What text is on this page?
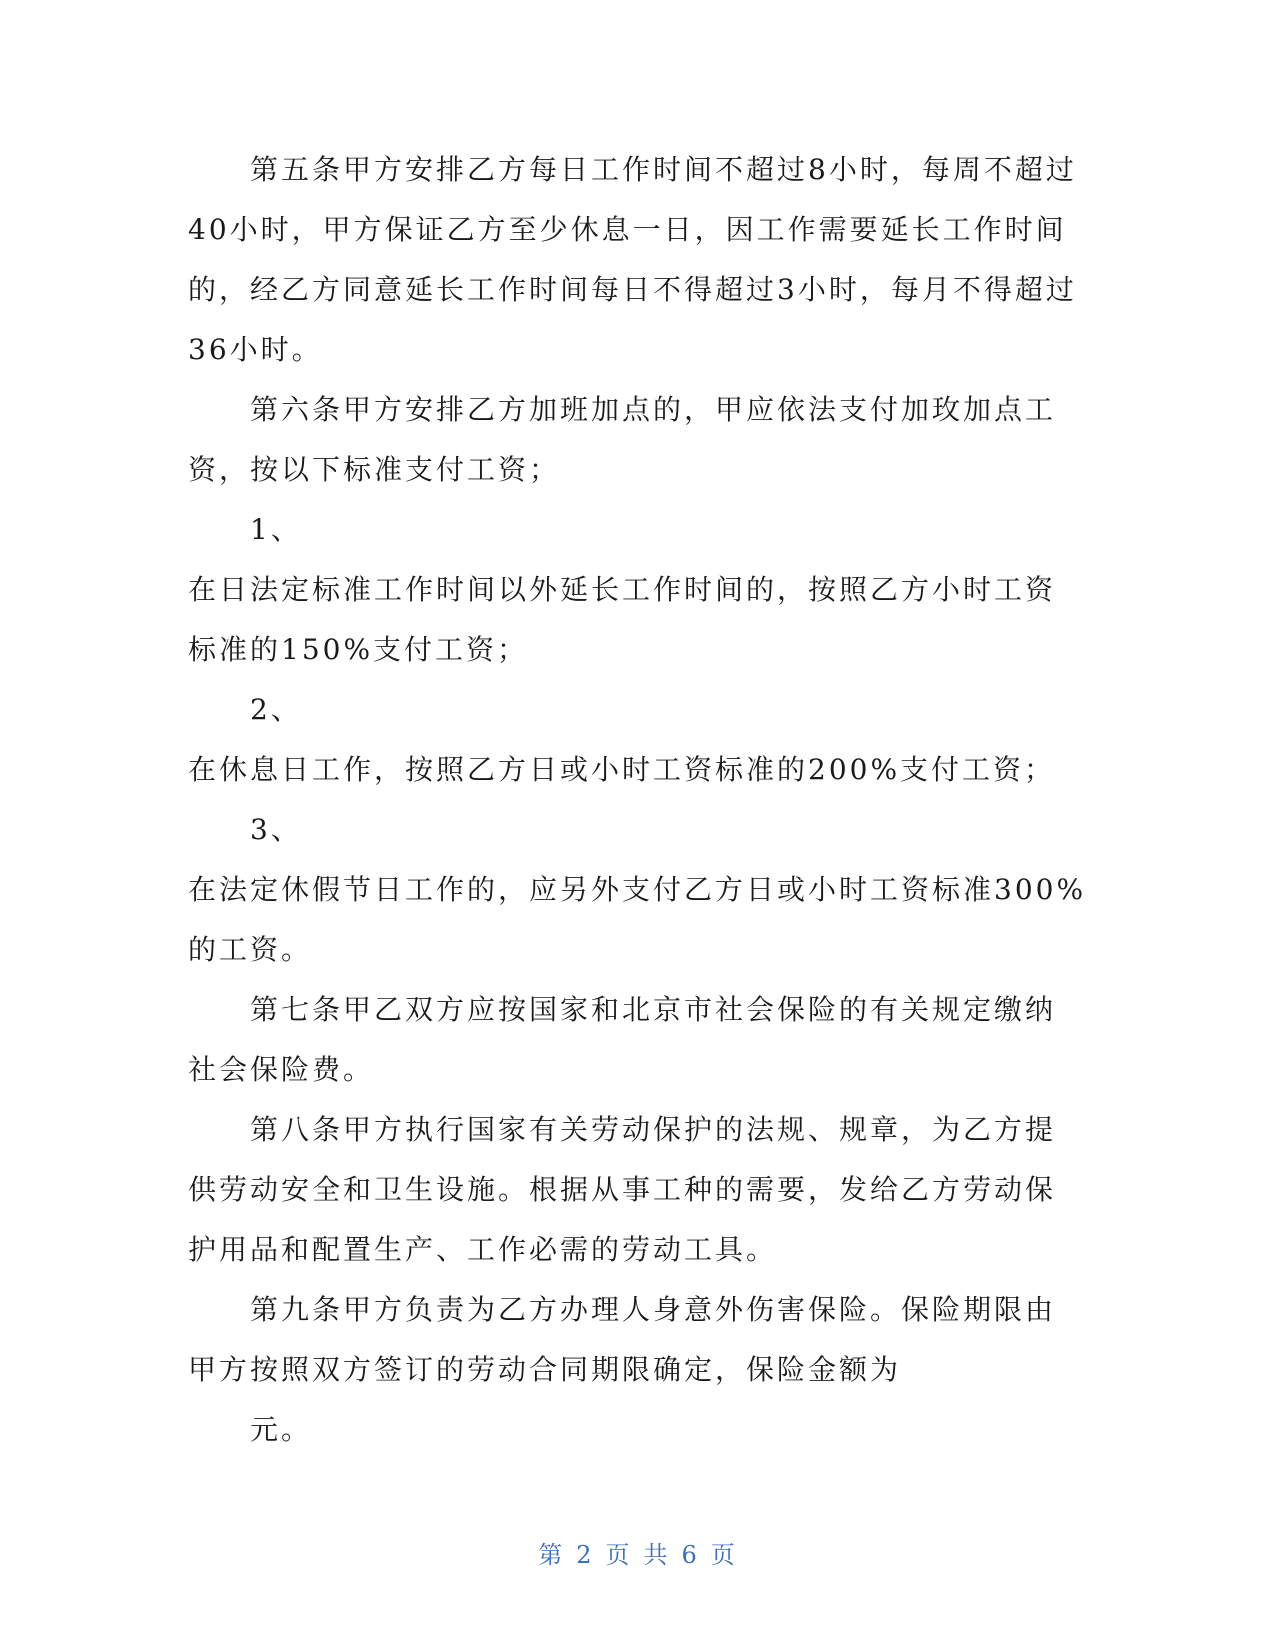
第五条甲方安排乙方每日工作时间不超过8小时，每周不超过
40小时，甲方保证乙方至少休息一日，因工作需要延长工作时间
的，经乙方同意延长工作时间每日不得超过3小时，每月不得超过
36小时。
第六条甲方安排乙方加班加点的，甲应依法支付加玫加点工
资，按以下标准支付工资；
1、
在日法定标准工作时间以外延长工作时间的，按照乙方小时工资
标准的150%支付工资；
2、
在休息日工作，按照乙方日或小时工资标准的200%支付工资；
3、
在法定休假节日工作的，应另外支付乙方日或小时工资标准300%
的工资。
第七条甲乙双方应按国家和北京市社会保险的有关规定缴纳
社会保险费。
第八条甲方执行国家有关劳动保护的法规、规章，为乙方提
供劳动安全和卫生设施。根据从事工种的需要，发给乙方劳动保
护用品和配置生产、工作必需的劳动工具。
第九条甲方负责为乙方办理人身意外伤害保险。保险期限由
甲方按照双方签订的劳动合同期限确定，保险金额为
元。
第 2 页 共 6 页
